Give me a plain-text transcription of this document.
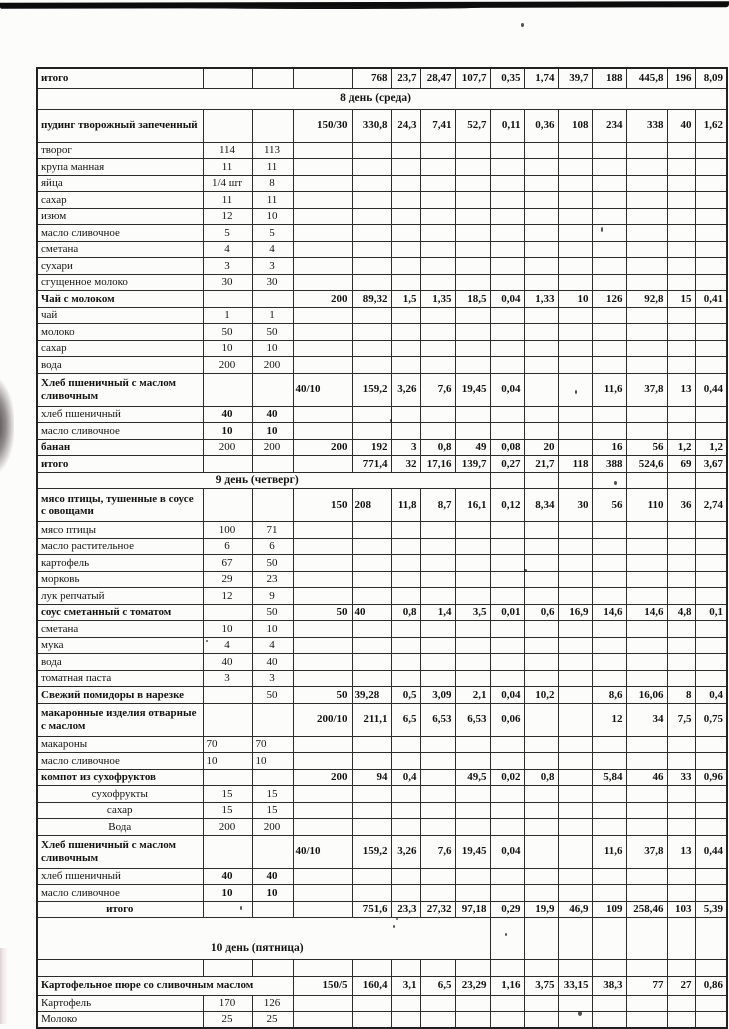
итого				768	23,7	28,47	107,7	0,35	1,74	39,7	188	445,8	196	8,09
8 день (среда)														
пудинг творожный запеченный			150/30	330,8	24,3	7,41	52,7	0,11	0,36	108	234	338	40	1,62
творог	114	113												
крупа манная	11	11												
яйца	1/4 шт	8												
сахар	11	11												
изюм	12	10												
масло сливочное	5	5												
сметана	4	4												
сухари	3	3												
сгущенное молоко	30	30												
Чай с молоком			200	89,32	1,5	1,35	18,5	0,04	1,33	10	126	92,8	15	0,41
чай	1	1												
молоко	50	50												
сахар	10	10												
вода	200	200												
Хлеб пшеничный с маслом сливочным			40/10	159,2	3,26	7,6	19,45	0,04			11,6	37,8	13	0,44
хлеб пшеничный	40	40												
масло сливочное	10	10												
банан	200	200	200	192	3	0,8	49	0,08	20		16	56	1,2	1,2
итого				771,4	32	17,16	139,7	0,27	21,7	118	388	524,6	69	3,67
9 день (четверг)														
мясо птицы, тушенные в соусе с овощами			150	208	11,8	8,7	16,1	0,12	8,34	30	56	110	36	2,74
мясо птицы	100	71												
масло растительное	6	6												
картофель	67	50												
морковь	29	23												
лук репчатый	12	9												
соус сметанный с томатом		50	50	40	0,8	1,4	3,5	0,01	0,6	16,9	14,6	14,6	4,8	0,1
сметана	10	10												
мука	4	4												
вода	40	40												
томатная паста	3	3												
Свежий помидоры в нарезке		50	50	39,28	0,5	3,09	2,1	0,04	10,2		8,6	16,06	8	0,4
макаронные изделия отварные с маслом			200/10	211,1	6,5	6,53	6,53	0,06			12	34	7,5	0,75
макароны	70	70												
масло сливочное	10	10												
компот из сухофруктов			200	94	0,4		49,5	0,02	0,8		5,84	46	33	0,96
сухофрукты	15	15												
сахар	15	15												
Вода	200	200												
Хлеб пшеничный с маслом сливочным			40/10	159,2	3,26	7,6	19,45	0,04			11,6	37,8	13	0,44
хлеб пшеничный	40	40												
масло сливочное	10	10												
итого				751,6	23,3	27,32	97,18	0,29	19,9	46,9	109	258,46	103	5,39
10 день (пятница)														

Картофельное пюре со сливочным маслом			150/5	160,4	3,1	6,5	23,29	1,16	3,75	33,15	38,3	77	27	0,86
Картофель	170	126												
Молоко	25	25												
